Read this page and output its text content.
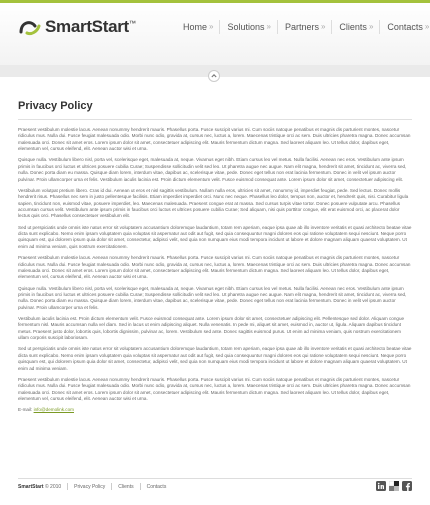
SmartStart™	Home » Solutions » Partners » Clients » Contacts »
Privacy Policy

Praesent vestibulum molestie lacus. Aenean nonummy hendrerit mauris. Phasellus porta. Fusce suscipit varius mi. Cum sociis natoque penatibus et magnis dis parturient montes, nascetur ridiculus mus. Nulla dui. Fusce feugiat malesuada odio. Morbi nunc odio, gravida at, cursus nec, luctus a, lorem. Maecenas tristique orci ac sem. Duis ultricies pharetra magna. Donec accumsan malesuada orci. Donec sit amet eros. Lorem ipsum dolor sit amet, consectetuer adipiscing elit. Mauris fermentum dictum magna. Sed laoreet aliquam leo. Ut tellus dolor, dapibus eget, elementum vel, cursus eleifend, elit. Aenean auctor wisi et urna.

Quisque nulla. Vestibulum libero nisl, porta vel, scelerisque eget, malesuada at, neque. Vivamus eget nibh. Etiam cursus leo vel metus. Nulla facilisi. Aenean nec eros. Vestibulum ante ipsum primis in faucibus orci luctus et ultrices posuere cubilia Curae; Suspendisse sollicitudin velit sed leo. Ut pharetra augue nec augue. Nam elit magna, hendrerit sit amet, tincidunt ac, viverra sed, nulla. Donec porta diam eu massa. Quisque diam lorem, interdum vitae, dapibus ac, scelerisque vitae, pede. Donec eget tellus non erat lacinia fermentum. Donec in velit vel ipsum auctor pulvinar. Proin ullamcorper urna et felis. Vestibulum iaculis lacinia est. Proin dictum elementum velit. Fusce euismod consequat ante. Lorem ipsum dolor sit amet, consectetuer adipiscing elit.

Vestibulum volutpat pretium libero. Cras id dui. Aenean ut eros et nisl sagittis vestibulum. Nullam nulla eros, ultricies sit amet, nonummy id, imperdiet feugiat, pede. Sed lectus. Donec mollis hendrerit risus. Phasellus nec sem in justo pellentesque facilisis. Etiam imperdiet imperdiet orci. Nunc nec neque. Phasellus leo dolor, tempus non, auctor et, hendrerit quis, nisi. Curabitur ligula sapien, tincidunt non, euismod vitae, posuere imperdiet, leo. Maecenas malesuada. Praesent congue erat at massa. Sed cursus turpis vitae tortor. Donec posuere vulputate arcu. Phasellus accumsan cursus velit. Vestibulum ante ipsum primis in faucibus orci luctus et ultrices posuere cubilia Curae; Sed aliquam, nisi quis porttitor congue, elit erat euismod orci, ac placerat dolor lectus quis orci. Phasellus consectetuer vestibulum elit.

Sed ut perspiciatis unde omnis iste natus error sit voluptatem accusantium doloremque laudantium, totam rem aperiam, eaque ipsa quae ab illo inventore veritatis et quasi architecto beatae vitae dicta sunt explicabo. Nemo enim ipsam voluptatem quia voluptas sit aspernatur aut odit aut fugit, sed quia consequuntur magni dolores eos qui ratione voluptatem sequi nesciunt. Neque porro quisquam est, qui dolorem ipsum quia dolor sit amet, consectetur, adipisci velit, sed quia non numquam eius modi tempora incidunt ut labore et dolore magnam aliquam quaerat voluptatem. Ut enim ad minima veniam, quis nostrum exercitationem.

Praesent vestibulum molestie lacus. Aenean nonummy hendrerit mauris. Phasellus porta. Fusce suscipit varius mi. Cum sociis natoque penatibus et magnis dis parturient montes, nascetur ridiculus mus. Nulla dui. Fusce feugiat malesuada odio. Morbi nunc odio, gravida at, cursus nec, luctus a, lorem. Maecenas tristique orci ac sem. Duis ultricies pharetra magna. Donec accumsan malesuada orci. Donec sit amet eros. Lorem ipsum dolor sit amet, consectetuer adipiscing elit. Mauris fermentum dictum magna. Sed laoreet aliquam leo. Ut tellus dolor, dapibus eget, elementum vel, cursus eleifend, elit. Aenean auctor wisi et urna.

Quisque nulla. Vestibulum libero nisl, porta vel, scelerisque eget, malesuada at, neque. Vivamus eget nibh. Etiam cursus leo vel metus. Nulla facilisi. Aenean nec eros. Vestibulum ante ipsum primis in faucibus orci luctus et ultrices posuere cubilia Curae; Suspendisse sollicitudin velit sed leo. Ut pharetra augue nec augue. Nam elit magna, hendrerit sit amet, tincidunt ac, viverra sed, nulla. Donec porta diam eu massa. Quisque diam lorem, interdum vitae, dapibus ac, scelerisque vitae, pede. Donec eget tellus non erat lacinia fermentum. Donec in velit vel ipsum auctor pulvinar. Proin ullamcorper urna et felis.

Vestibulum iaculis lacinia est. Proin dictum elementum velit. Fusce euismod consequat ante. Lorem ipsum dolor sit amet, consectetuer adipiscing elit. Pellentesque sed dolor. Aliquam congue fermentum nisl. Mauris accumsan nulla vel diam. Sed in lacus ut enim adipiscing aliquet. Nulla venenatis. In pede mi, aliquet sit amet, euismod in, auctor ut, ligula. Aliquam dapibus tincidunt metus. Praesent justo dolor, lobortis quis, lobortis dignissim, pulvinar ac, lorem. Vestibulum sed ante. Donec sagittis euismod purus. Ut enim ad minima veniam, quis nostrum exercitationem ullam corporis suscipit laboriosam.

Sed ut perspiciatis unde omnis iste natus error sit voluptatem accusantium doloremque laudantium, totam rem aperiam, eaque ipsa quae ab illo inventore veritatis et quasi architecto beatae vitae dicta sunt explicabo. Nemo enim ipsam voluptatem quia voluptas sit aspernatur aut odit aut fugit, sed quia consequuntur magni dolores eos qui ratione voluptatem sequi nesciunt. Neque porro quisquam est, qui dolorem ipsum quia dolor sit amet, consectetur, adipisci velit, sed quia non numquam eius modi tempora incidunt ut labore et dolore magnam aliquam quaerat voluptatem. Ut enim ad minima veniam.

Praesent vestibulum molestie lacus. Aenean nonummy hendrerit mauris. Phasellus porta. Fusce suscipit varius mi. Cum sociis natoque penatibus et magnis dis parturient montes, nascetur ridiculus mus. Nulla dui. Fusce feugiat malesuada odio. Morbi nunc odio, gravida at, cursus nec, luctus a, lorem. Maecenas tristique orci ac sem. Duis ultricies pharetra magna. Donec accumsan malesuada orci. Donec sit amet eros. Lorem ipsum dolor sit amet, consectetuer adipiscing elit. Mauris fermentum dictum magna. Sed laoreet aliquam leo. Ut tellus dolor, dapibus eget, elementum vel, cursus eleifend, elit. Aenean auctor wisi et urna.

E-mail: info@demolink.com

SmartStart
© 2010	Privacy Policy	Clients	Contacts
